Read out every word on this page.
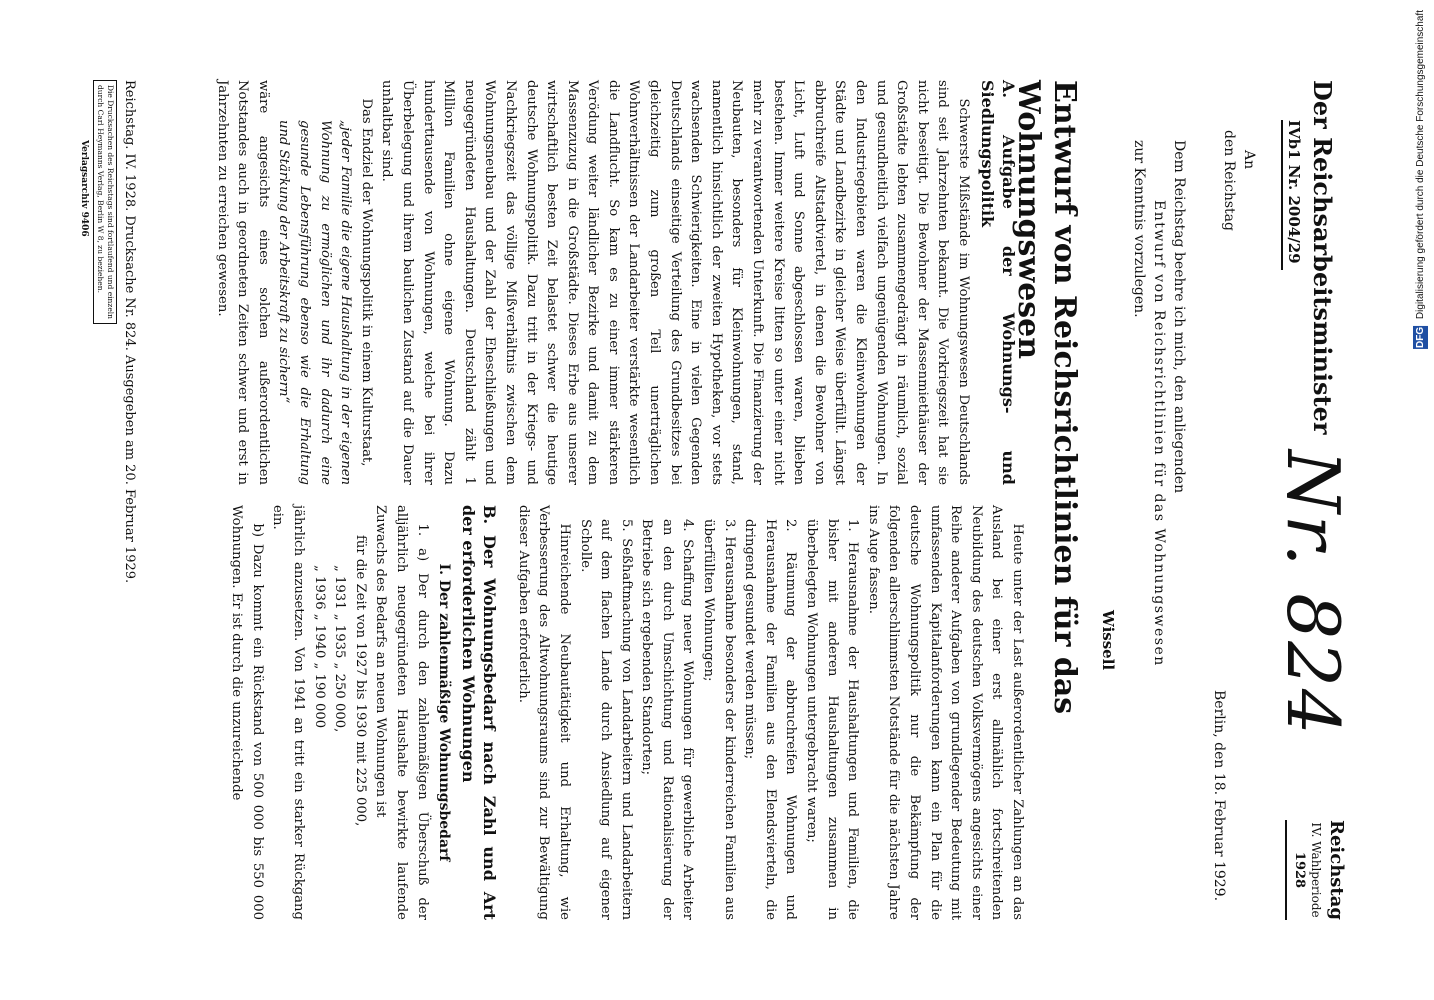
DFG Digitalisierung gefördert durch die Deutsche Forschungsgemeinschaft
Der Reichsarbeitsminister
IVb1 Nr. 2004/29
Nr. 824
Reichstag
IV. Wahlperiode
1928
An
den Reichstag
Berlin, den 18. Februar 1929.
Dem Reichstag beehre ich mich, den anliegenden
Entwurf von Reichsrichtlinien für das Wohnungswesen
zur Kenntnis vorzulegen.
Wissell
Entwurf von Reichsrichtlinien für das Wohnungswesen
A. Aufgabe der Wohnungs- und Siedlungspolitik

Schwerste Mißstände im Wohnungswesen Deutschlands sind seit Jahrzehnten bekannt. Die Vorkriegszeit hat sie nicht beseitigt. Die Bewohner der Massenmiethäuser der Großstädte lebten zusammengedrängt in räumlich, sozial und gesundheitlich vielfach ungenügenden Wohnungen. In den Industriegebieten waren die Kleinwohnungen der Städte und Landbezirke in gleicher Weise überfüllt. Längst abbruchreife Altstadtviertel, in denen die Bewohner von Licht, Luft und Sonne abgeschlossen waren, blieben bestehen. Immer weitere Kreise litten so unter einer nicht mehr zu verantwortenden Unterkunft. Die Finanzierung der Neubauten, besonders für Kleinwohnungen, stand, namentlich hinsichtlich der zweiten Hypotheken, vor stets wachsenden Schwierigkeiten. Eine in vielen Gegenden Deutschlands einseitige Verteilung des Grundbesitzes bei gleichzeitig zum großen Teil unerträglichen Wohnverhältnissen der Landarbeiter verstärkte wesentlich die Landflucht. So kam es zu einer immer stärkeren Verödung weiter ländlicher Bezirke und damit zu dem Massenzuzug in die Großstädte. Dieses Erbe aus unserer wirtschaftlich besten Zeit belastet schwer die heutige deutsche Wohnungspolitik. Dazu tritt in der Kriegs- und Nachkriegszeit das völlige Mißverhältnis zwischen dem Wohnungsneubau und der Zahl der Eheschließungen und neugegründeten Haushaltungen. Deutschland zählt 1 Million Familien ohne eigene Wohnung. Dazu hunderttausende von Wohnungen, welche bei ihrer Überbelegung und ihrem baulichen Zustand auf die Dauer unhaltbar sind.

Das Endziel der Wohnungspolitik in einem Kulturstaat,

„jeder Familie die eigene Haushaltung in der eigenen Wohnung zu ermöglichen und ihr dadurch eine gesunde Lebensführung ebenso wie die Erhaltung und Stärkung der Arbeitskraft zu sichern“

wäre angesichts eines solchen außerordentlichen Notstandes auch in geordneten Zeiten schwer und erst in Jahrzehnten zu erreichen gewesen.

Heute unter der Last außerordentlicher Zahlungen an das Ausland bei einer erst allmählich fortschreitenden Neubildung des deutschen Volksvermögens angesichts einer Reihe anderer Aufgaben von grundlegender Bedeutung mit umfassenden Kapitalanforderungen kann ein Plan für die deutsche Wohnungspolitik nur die Bekämpfung der folgenden allerschlimmsten Notstände für die nächsten Jahre ins Auge fassen.

1. Herausnahme der Haushaltungen und Familien, die bisher mit anderen Haushaltungen zusammen in überbelegten Wohnungen untergebracht waren;
2. Räumung der abbruchreifen Wohnungen und Herausnahme der Familien aus den Elendsvierteln, die dringend gesundet werden müssen;
3. Herausnahme besonders der kinderreichen Familien aus überfüllten Wohnungen;
4. Schaffung neuer Wohnungen für gewerbliche Arbeiter an den durch Umschichtung und Rationalisierung der Betriebe sich ergebenden Standorten;
5. Seßhaftmachung von Landarbeitern und Landarbeitern auf dem flachen Lande durch Ansiedlung auf eigener Scholle.

Hinreichende Neubautätigkeit und Erhaltung, wie Verbesserung des Altwohnungsraums sind zur Bewältigung dieser Aufgaben erforderlich.

B. Der Wohnungsbedarf nach Zahl und Art der erforderlichen Wohnungen
I. Der zahlenmäßige Wohnungsbedarf

1. a) Der durch den zahlenmäßigen Überschuß der alljährlich neugegründeten Haushalte bewirkte laufende Zuwachs des Bedarfs an neuen Wohnungen ist

für die Zeit von 1927 bis 1930 mit 225 000,

„ 1931 „ 1935 „ 250 000,

„ 1936 „ 1940 „ 190 000

jährlich anzusetzen. Von 1941 an tritt ein starker Rückgang ein.

b) Dazu kommt ein Rückstand von 500 000 bis 550 000 Wohnungen. Er ist durch die unzureichende

Reichstag. IV. 1928. Drucksache Nr. 824. Ausgegeben am 20. Februar 1929.
Die Drucksachen des Reichstags sind fortlaufend und einzeln
durch Carl Heymanns Verlag, Berlin W 8, zu beziehen.
Verlagsarchiv 9406
